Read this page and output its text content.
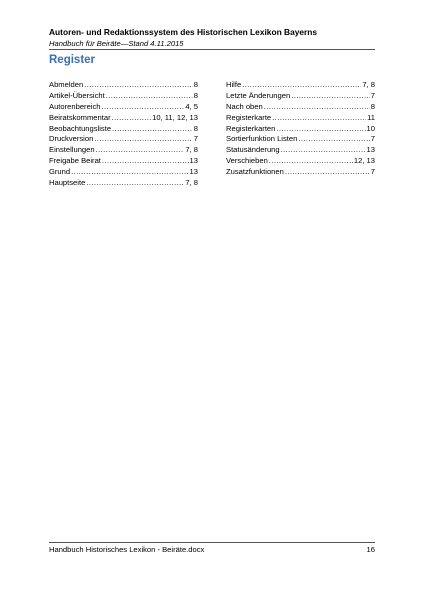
Autoren- und Redaktionssystem des Historischen Lexikon Bayerns
Handbuch für Beiräte—Stand 4.11.2015
Register
Abmelden .....	8
Artikel-Übersicht .....	8
Autorenbereich .....	4, 5
Beiratskommentar .....	10, 11, 12, 13
Beobachtungsliste .....	8
Druckversion .....	7
Einstellungen .....	7, 8
Freigabe Beirat .....	13
Grund .....	13
Hauptseite .....	7, 8
Hilfe .....	7, 8
Letzte Änderungen .....	7
Nach oben .....	8
Registerkarte .....	11
Registerkarten .....	10
Sortierfunktion Listen .....	7
Statusänderung .....	13
Verschieben .....	12, 13
Zusatzfunktionen .....	7
Handbuch Historisches Lexikon - Beiräte.docx	16
